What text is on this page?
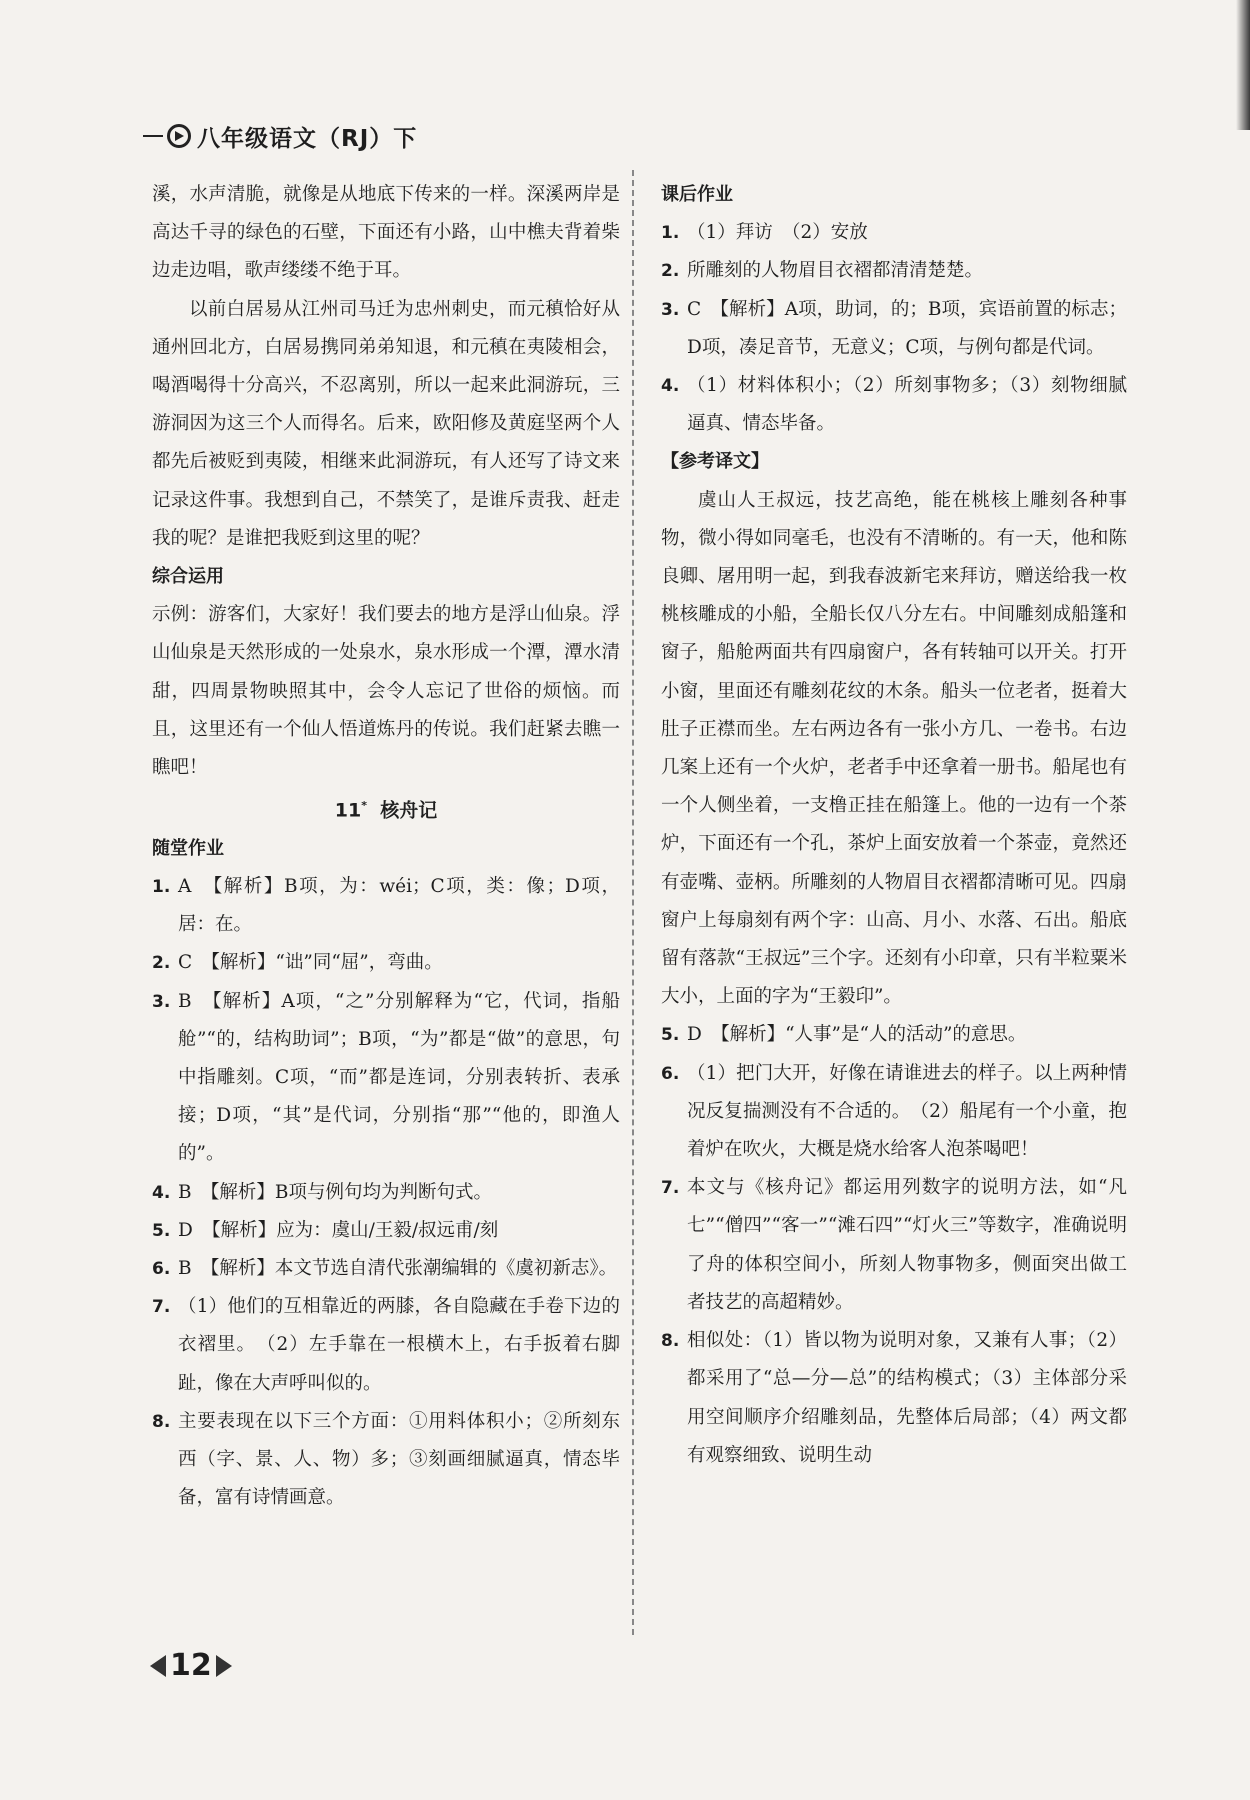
八年级语文（RJ）下

溪，水声清脆，就像是从地底下传来的一样。深溪两岸是高达千寻的绿色的石壁，下面还有小路，山中樵夫背着柴边走边唱，歌声缕缕不绝于耳。

以前白居易从江州司马迁为忠州刺史，而元稹恰好从通州回北方，白居易携同弟弟知退，和元稹在夷陵相会，喝酒喝得十分高兴，不忍离别，所以一起来此洞游玩，三游洞因为这三个人而得名。后来，欧阳修及黄庭坚两个人都先后被贬到夷陵，相继来此洞游玩，有人还写了诗文来记录这件事。我想到自己，不禁笑了，是谁斥责我、赶走我的呢？是谁把我贬到这里的呢？

综合运用

示例：游客们，大家好！我们要去的地方是浮山仙泉。浮山仙泉是天然形成的一处泉水，泉水形成一个潭，潭水清甜，四周景物映照其中，会令人忘记了世俗的烦恼。而且，这里还有一个仙人悟道炼丹的传说。我们赶紧去瞧一瞧吧！

11* 核舟记
随堂作业
1. A　【解析】B项，为：wéi；C项，类：像；D项，居：在。
2. C　【解析】“诎”同“屈”，弯曲。
3. B　【解析】A项，“之”分别解释为“它，代词，指船舱”“的，结构助词”；B项，“为”都是“做”的意思，句中指雕刻。C项，“而”都是连词，分别表转折、表承接；D项，“其”是代词，分别指“那”“他的，即渔人的”。
4. B　【解析】B项与例句均为判断句式。
5. D　【解析】应为：虞山/王毅/叔远甫/刻
6. B　【解析】本文节选自清代张潮编辑的《虞初新志》。
7. （1）他们的互相靠近的两膝，各自隐藏在手卷下边的衣褶里。　（2）左手靠在一根横木上，右手扳着右脚趾，像在大声呼叫似的。
8. 主要表现在以下三个方面：①用料体积小；②所刻东西（字、景、人、物）多；③刻画细腻逼真，情态毕备，富有诗情画意。
课后作业
1. （1）拜访　（2）安放
2. 所雕刻的人物眉目衣褶都清清楚楚。
3. C　【解析】A项，助词，的；B项，宾语前置的标志；D项，凑足音节，无意义；C项，与例句都是代词。
4. （1）材料体积小；（2）所刻事物多；（3）刻物细腻逼真、情态毕备。
【参考译文】

虞山人王叔远，技艺高绝，能在桃核上雕刻各种事物，微小得如同毫毛，也没有不清晰的。有一天，他和陈良卿、屠用明一起，到我春波新宅来拜访，赠送给我一枚桃核雕成的小船，全船长仅八分左右。中间雕刻成船篷和窗子，船舱两面共有四扇窗户，各有转轴可以开关。打开小窗，里面还有雕刻花纹的木条。船头一位老者，挺着大肚子正襟而坐。左右两边各有一张小方几、一卷书。右边几案上还有一个火炉，老者手中还拿着一册书。船尾也有一个人侧坐着，一支橹正挂在船篷上。他的一边有一个茶炉，下面还有一个孔，茶炉上面安放着一个茶壶，竟然还有壶嘴、壶柄。所雕刻的人物眉目衣褶都清晰可见。四扇窗户上每扇刻有两个字：山高、月小、水落、石出。船底留有落款“王叔远”三个字。还刻有小印章，只有半粒粟米大小，上面的字为“王毅印”。

5. D　【解析】“人事”是“人的活动”的意思。
6. （1）把门大开，好像在请谁进去的样子。以上两种情况反复揣测没有不合适的。　（2）船尾有一个小童，抱着炉在吹火，大概是烧水给客人泡茶喝吧！
7. 本文与《核舟记》都运用列数字的说明方法，如“凡七”“僧四”“客一”“滩石四”“灯火三”等数字，准确说明了舟的体积空间小，所刻人物事物多，侧面突出做工者技艺的高超精妙。
8. 相似处：（1）皆以物为说明对象，又兼有人事；（2）都采用了“总—分—总”的结构模式；（3）主体部分采用空间顺序介绍雕刻品，先整体后局部；（4）两文都有观察细致、说明生动
12
